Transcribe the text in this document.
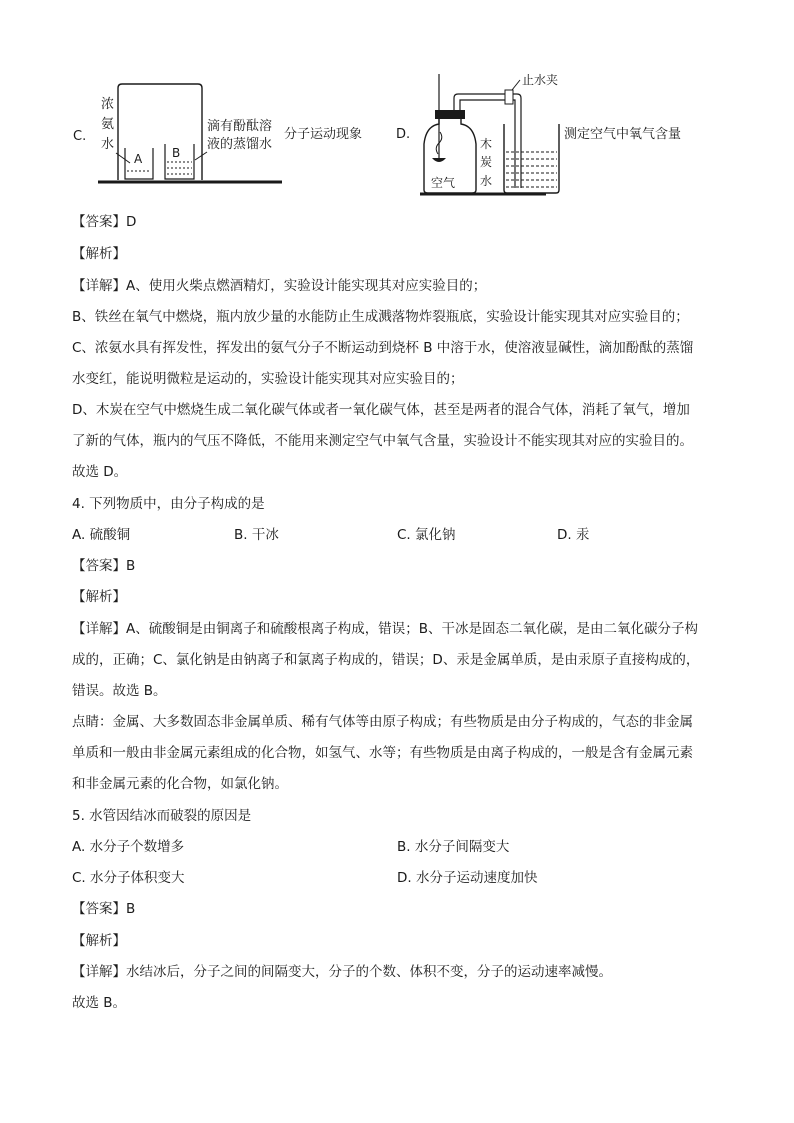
C.
浓
氨
水
A B
滴有酚酞溶
液的蒸馏水
分子运动现象	D.
空气
止水夹
木
炭
水
测定空气中氧气含量
【答案】D
【解析】
【详解】A、使用火柴点燃酒精灯，实验设计能实现其对应实验目的；
B、铁丝在氧气中燃烧，瓶内放少量的水能防止生成溅落物炸裂瓶底，实验设计能实现其对应实验目的；
C、浓氨水具有挥发性，挥发出的氨气分子不断运动到烧杯 B 中溶于水，使溶液显碱性，滴加酚酞的蒸馏
水变红，能说明微粒是运动的，实验设计能实现其对应实验目的；
D、木炭在空气中燃烧生成二氧化碳气体或者一氧化碳气体，甚至是两者的混合气体，消耗了氧气，增加
了新的气体，瓶内的气压不降低，不能用来测定空气中氧气含量，实验设计不能实现其对应的实验目的。
故选 D。
4. 下列物质中，由分子构成的是
A. 硫酸铜	B. 干冰	C. 氯化钠	D. 汞
【答案】B
【解析】
【详解】A、硫酸铜是由铜离子和硫酸根离子构成，错误；B、干冰是固态二氧化碳，是由二氧化碳分子构
成的，正确；C、氯化钠是由钠离子和氯离子构成的，错误；D、汞是金属单质，是由汞原子直接构成的，
错误。故选 B。
点睛：金属、大多数固态非金属单质、稀有气体等由原子构成；有些物质是由分子构成的，气态的非金属
单质和一般由非金属元素组成的化合物，如氢气、水等；有些物质是由离子构成的，一般是含有金属元素
和非金属元素的化合物，如氯化钠。
5. 水管因结冰而破裂的原因是
A. 水分子个数增多	B. 水分子间隔变大
C. 水分子体积变大	D. 水分子运动速度加快
【答案】B
【解析】
【详解】水结冰后，分子之间的间隔变大，分子的个数、体积不变，分子的运动速率减慢。
故选 B。
